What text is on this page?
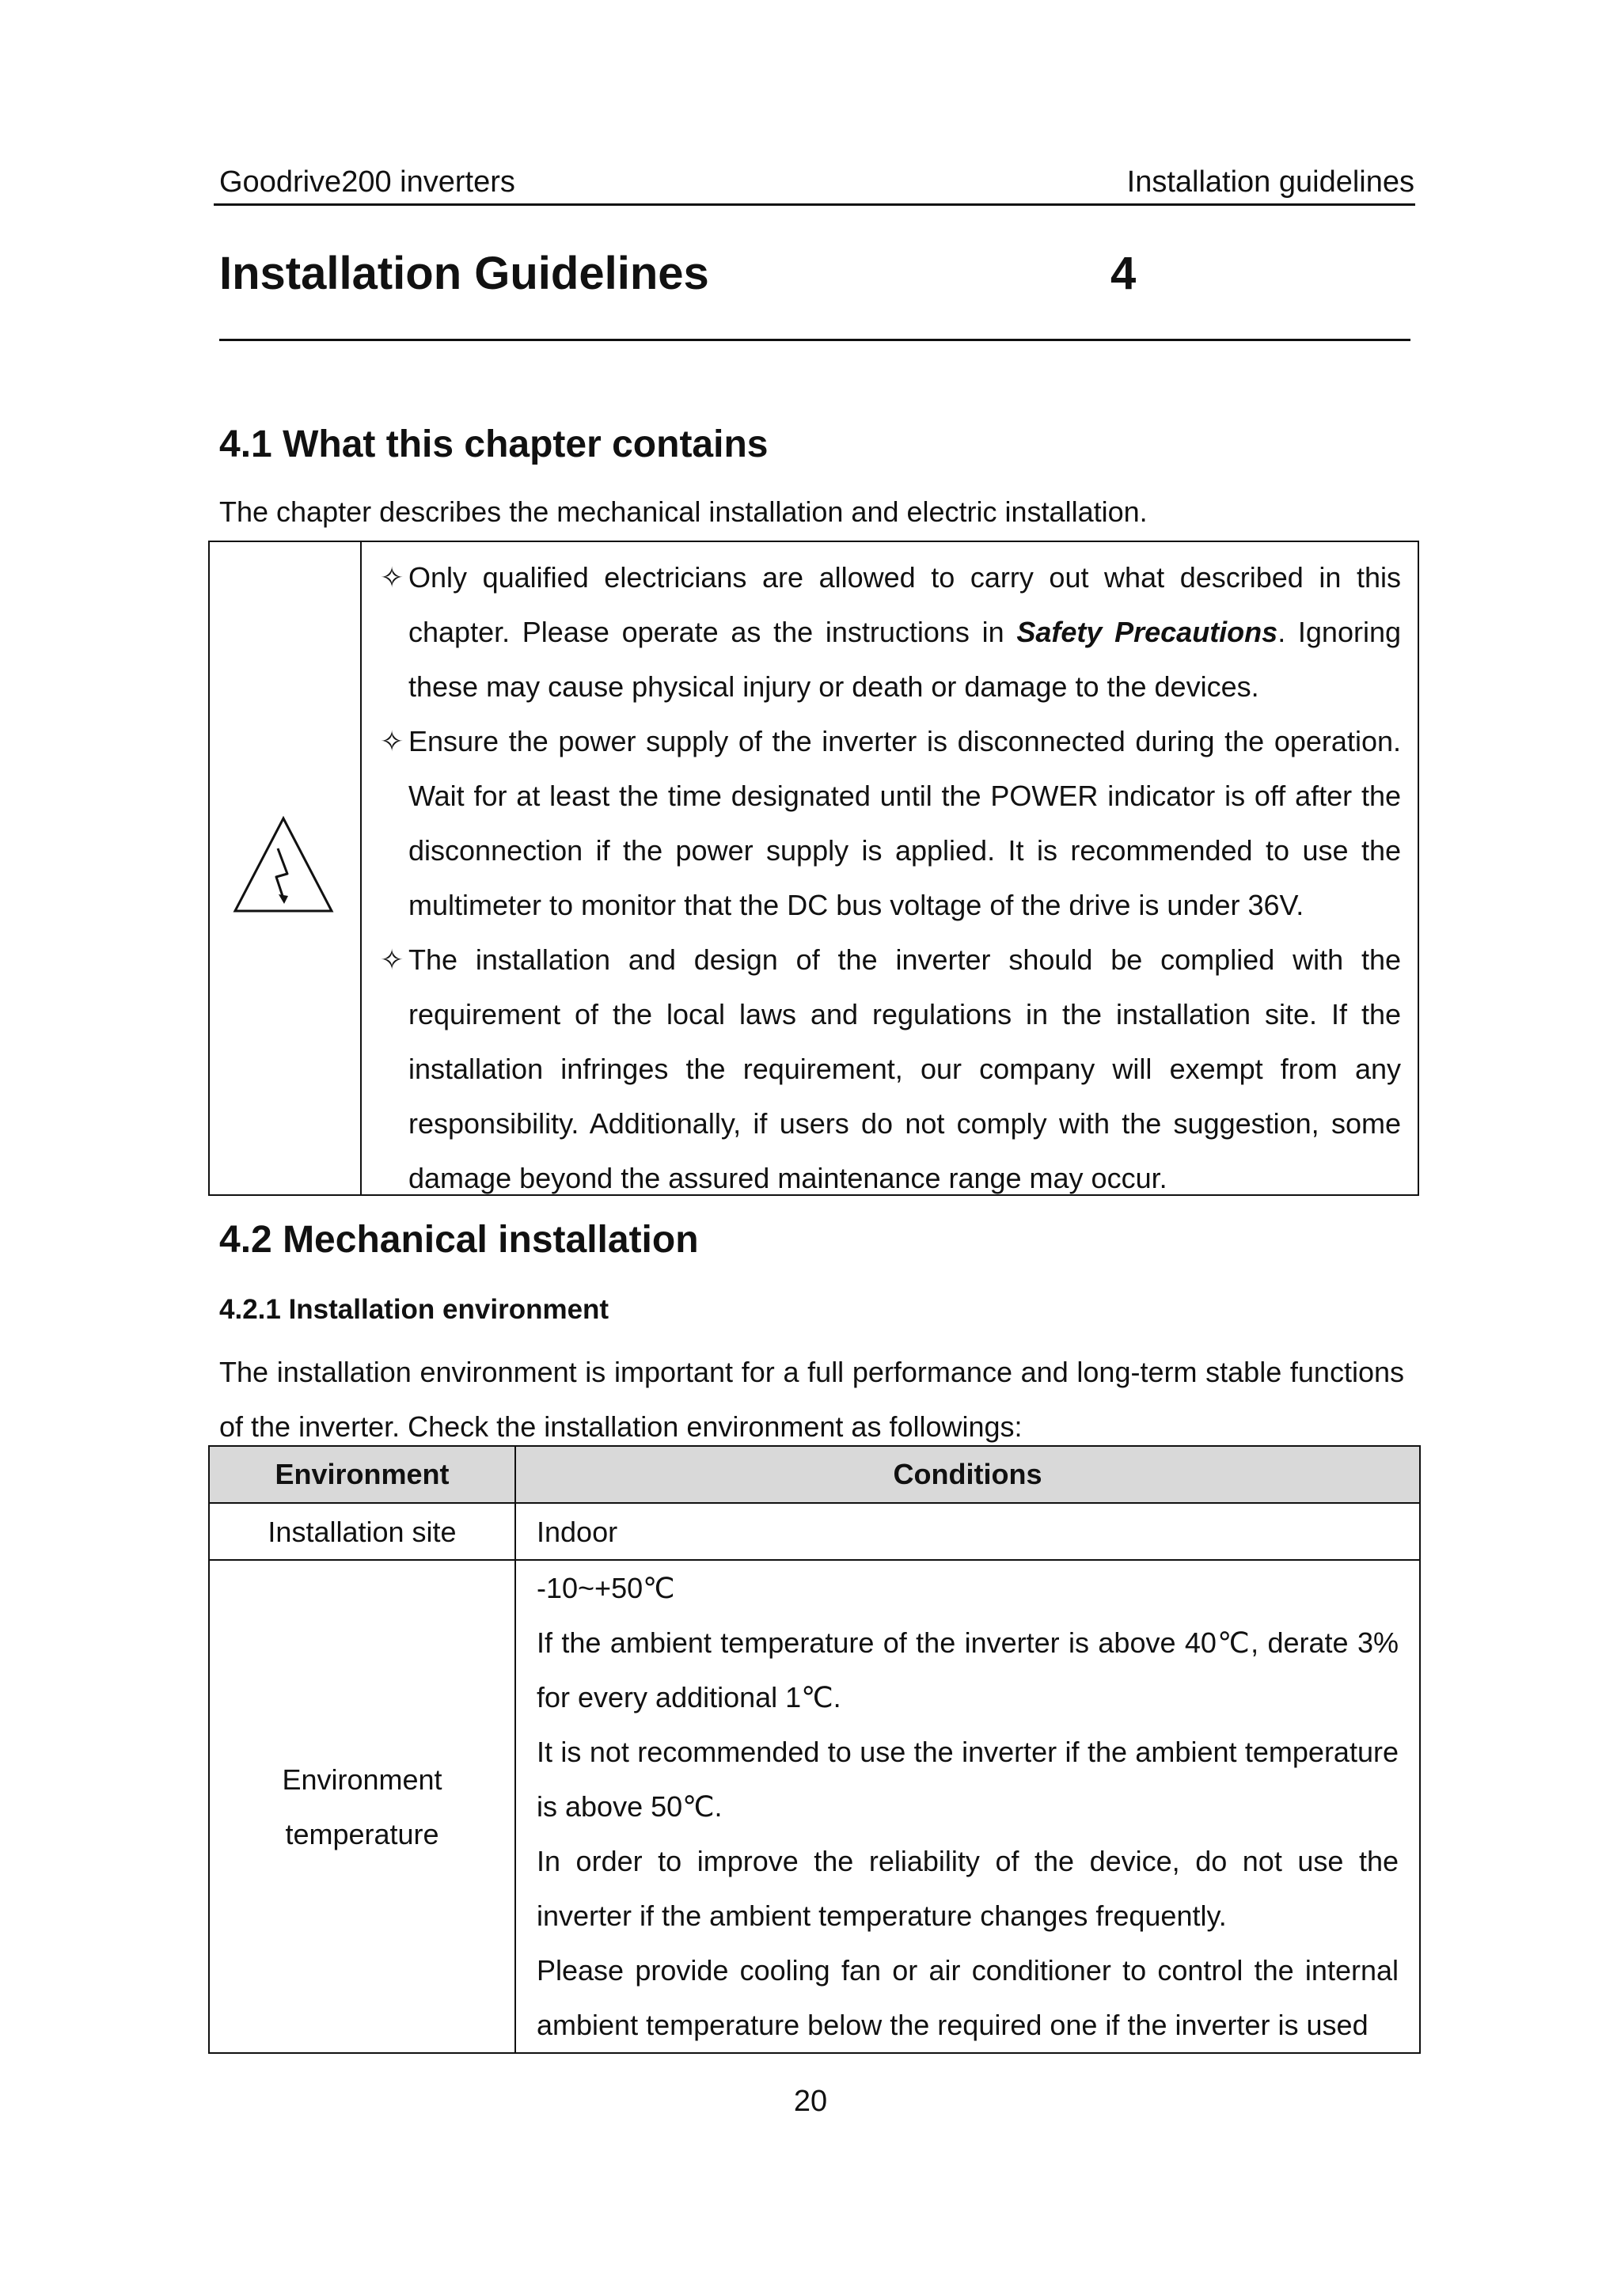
Goodrive200 inverters	Installation guidelines
Installation Guidelines	4
4.1 What this chapter contains
The chapter describes the mechanical installation and electric installation.
✧ Only qualified electricians are allowed to carry out what described in this chapter. Please operate as the instructions in Safety Precautions. Ignoring these may cause physical injury or death or damage to the devices.
✧ Ensure the power supply of the inverter is disconnected during the operation. Wait for at least the time designated until the POWER indicator is off after the disconnection if the power supply is applied. It is recommended to use the multimeter to monitor that the DC bus voltage of the drive is under 36V.
✧ The installation and design of the inverter should be complied with the requirement of the local laws and regulations in the installation site. If the installation infringes the requirement, our company will exempt from any responsibility. Additionally, if users do not comply with the suggestion, some damage beyond the assured maintenance range may occur.
4.2 Mechanical installation
4.2.1 Installation environment
The installation environment is important for a full performance and long-term stable functions of the inverter. Check the installation environment as followings:
Environment	Conditions
Installation site	Indoor

Environment
temperature	-10~+50℃
If the ambient temperature of the inverter is above 40℃, derate 3% for every additional 1℃.
It is not recommended to use the inverter if the ambient temperature is above 50℃.
In order to improve the reliability of the device, do not use the inverter if the ambient temperature changes frequently.
Please provide cooling fan or air conditioner to control the internal ambient temperature below the required one if the inverter is used
20
